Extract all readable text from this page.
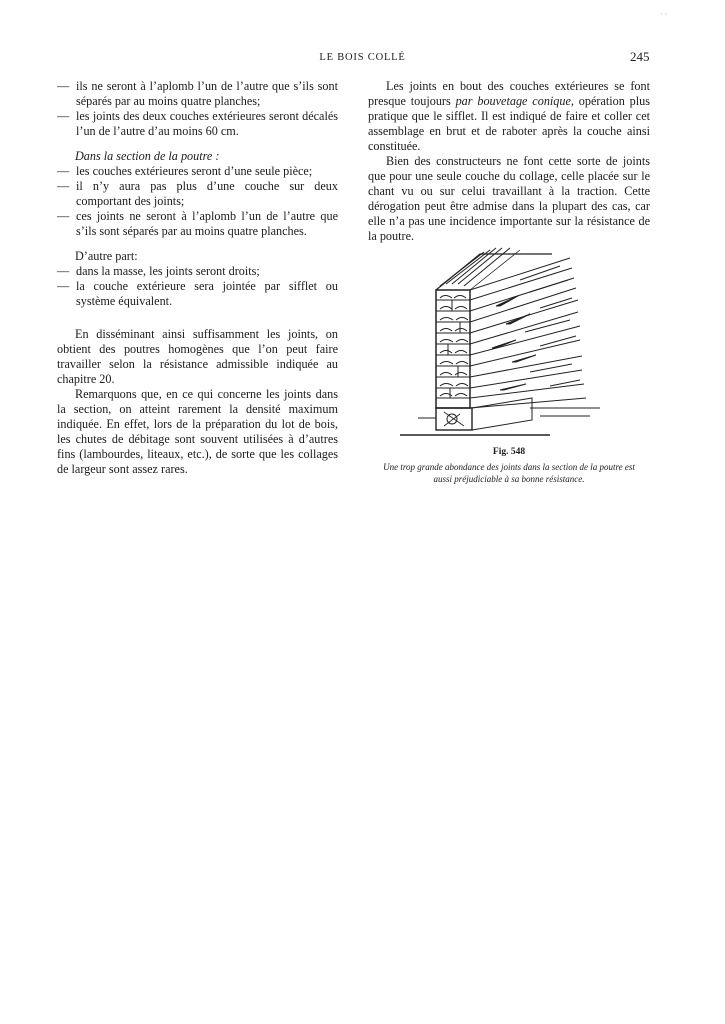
LE BOIS COLLÉ	245
— ils ne seront à l’aplomb l’un de l’autre que s’ils sont séparés par au moins quatre planches;
— les joints des deux couches extérieures seront décalés l’un de l’autre d’au moins 60 cm.
Dans la section de la poutre :
— les couches extérieures seront d’une seule pièce;
— il n’y aura pas plus d’une couche sur deux comportant des joints;
— ces joints ne seront à l’aplomb l’un de l’autre que s’ils sont séparés par au moins quatre planches.
D’autre part:
— dans la masse, les joints seront droits;
— la couche extérieure sera jointée par sifflet ou système équivalent.

En disséminant ainsi suffisamment les joints, on obtient des poutres homogènes que l’on peut faire travailler selon la résistance admissible indiquée au chapitre 20.

Remarquons que, en ce qui concerne les joints dans la section, on atteint rarement la densité maximum indiquée. En effet, lors de la préparation du lot de bois, les chutes de débitage sont souvent utilisées à d’autres fins (lambourdes, liteaux, etc.), de sorte que les collages de largeur sont assez rares.

Les joints en bout des couches extérieures se font presque toujours par bouvetage conique, opération plus pratique que le sifflet. Il est indiqué de faire et coller cet assemblage en brut et de raboter après la couche ainsi constituée.

Bien des constructeurs ne font cette sorte de joints que pour une seule couche du collage, celle placée sur le chant vu ou sur celui travaillant à la traction. Cette dérogation peut être admise dans la plupart des cas, car elle n’a pas une incidence importante sur la résistance de la poutre.

Fig. 548
Une trop grande abondance des joints dans la section de la poutre est aussi préjudiciable à sa bonne résistance.
· ·
